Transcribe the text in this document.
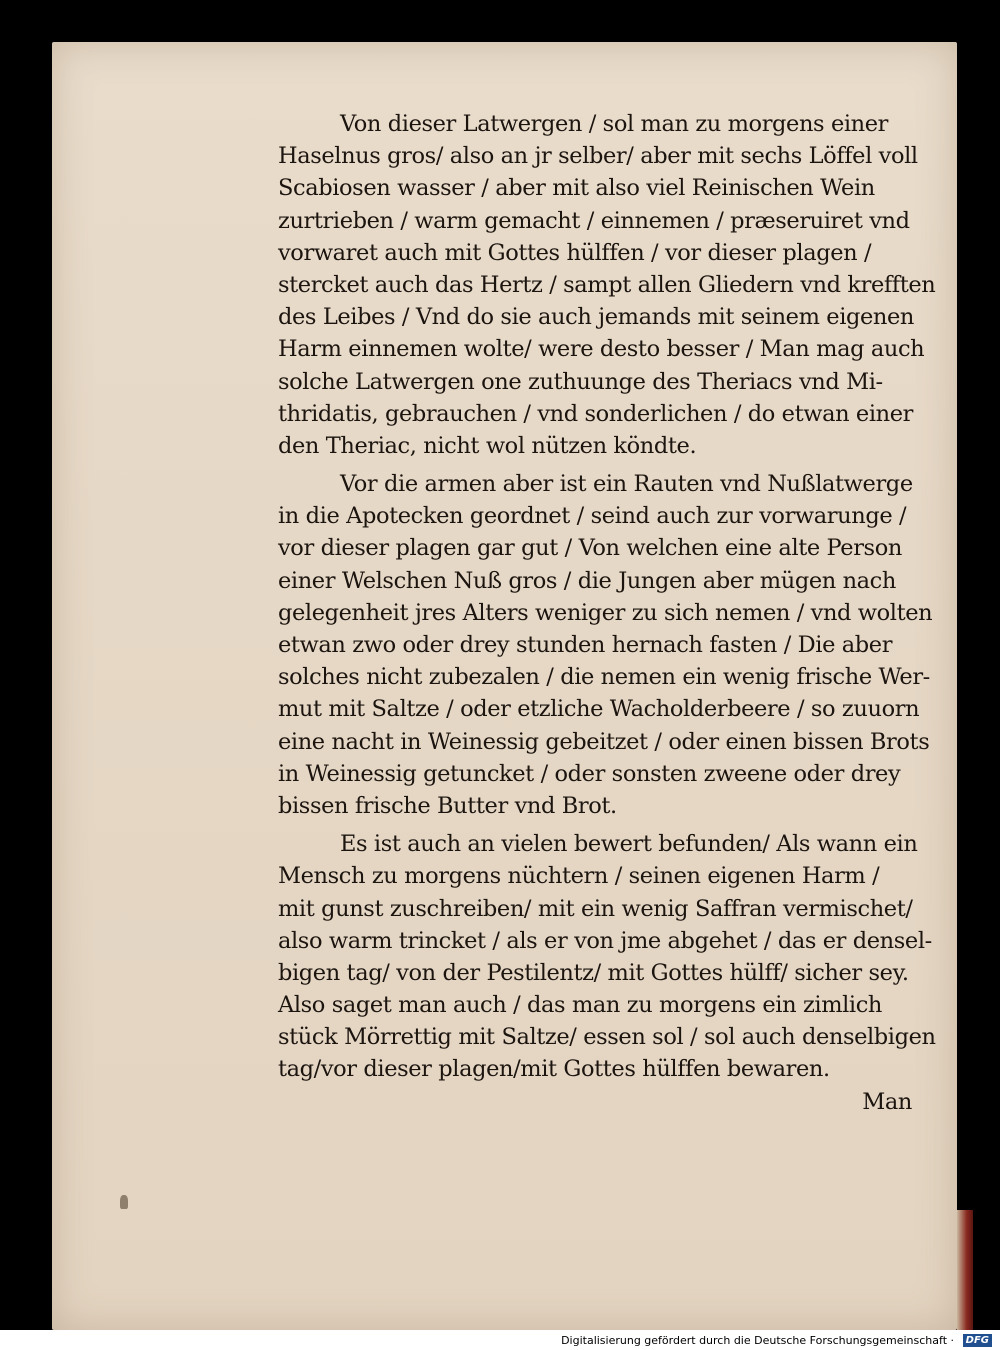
Von dieser Latwergen / sol man zu morgens einer
Haselnus gros/ also an jr selber/ aber mit sechs Löffel voll
Scabiosen wasser / aber mit also viel Reinischen Wein
zurtrieben / warm gemacht / einnemen / præseruiret vnd
vorwaret auch mit Gottes hülffen / vor dieser plagen /
stercket auch das Hertz / sampt allen Gliedern vnd krefften
des Leibes / Vnd do sie auch jemands mit seinem eigenen
Harm einnemen wolte/ were desto besser / Man mag auch
solche Latwergen one zuthuunge des Theriacs vnd Mi-
thridatis, gebrauchen / vnd sonderlichen / do etwan einer
den Theriac, nicht wol nützen köndte.
Vor die armen aber ist ein Rauten vnd Nußlatwerge
in die Apotecken geordnet / seind auch zur vorwarunge /
vor dieser plagen gar gut / Von welchen eine alte Person
einer Welschen Nuß gros / die Jungen aber mügen nach
gelegenheit jres Alters weniger zu sich nemen / vnd wolten
etwan zwo oder drey stunden hernach fasten / Die aber
solches nicht zubezalen / die nemen ein wenig frische Wer-
mut mit Saltze / oder etzliche Wacholderbeere / so zuuorn
eine nacht in Weinessig gebeitzet / oder einen bissen Brots
in Weinessig getuncket / oder sonsten zweene oder drey
bissen frische Butter vnd Brot.
Es ist auch an vielen bewert befunden/ Als wann ein
Mensch zu morgens nüchtern / seinen eigenen Harm /
mit gunst zuschreiben/ mit ein wenig Saffran vermischet/
also warm trincket / als er von jme abgehet / das er densel-
bigen tag/ von der Pestilentz/ mit Gottes hülff/ sicher sey.
Also saget man auch / das man zu morgens ein zimlich
stück Mörrettig mit Saltze/ essen sol / sol auch denselbigen
tag/vor dieser plagen/mit Gottes hülffen bewaren.
Man
Digitalisierung gefördert durch die Deutsche Forschungsgemeinschaft ·	DFG
